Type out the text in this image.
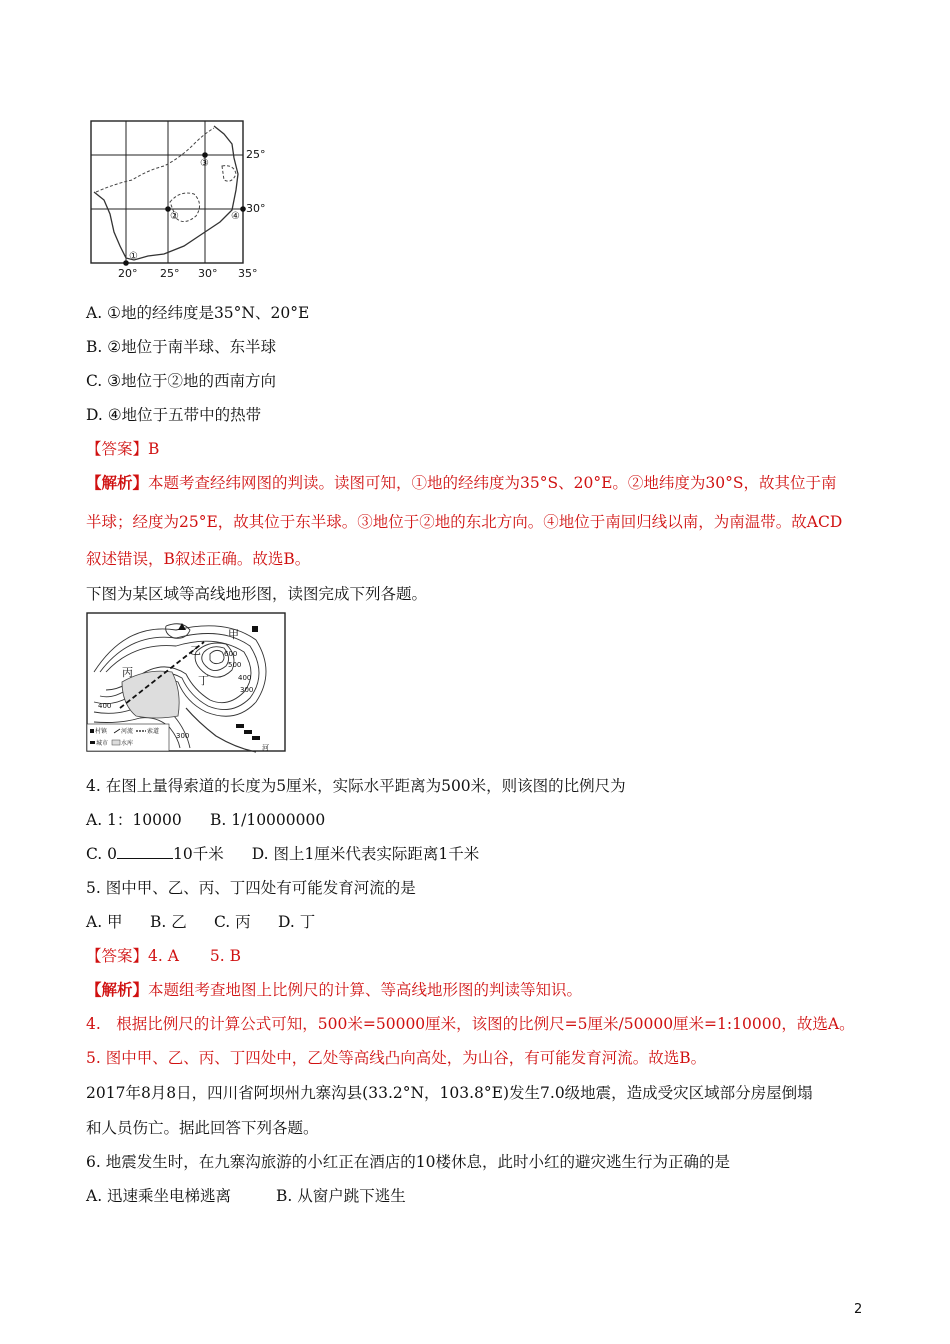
①
②
③
④
25°
30°
20° 25° 30° 35°
A. ①地的经纬度是35°N、20°E
B. ②地位于南半球、东半球
C. ③地位于②地的西南方向
D. ④地位于五带中的热带
【答案】B
【解析】本题考查经纬网图的判读。读图可知，①地的经纬度为35°S、20°E。②地纬度为30°S，故其位于南
半球；经度为25°E，故其位于东半球。③地位于②地的东北方向。④地位于南回归线以南，为南温带。故ACD
叙述错误，B叙述正确。故选B。
下图为某区域等高线地形图，读图完成下列各题。
甲
乙
丙
丁
600
500
400
300
400
300
河
村镇 河流 索道
城市 水库
4. 在图上量得索道的长度为5厘米，实际水平距离为500米，则该图的比例尺为
A. 1：10000 B. 1/10000000
C. 0	10千米 D. 图上1厘米代表实际距离1千米
5. 图中甲、乙、丙、丁四处有可能发育河流的是
A. 甲 B. 乙 C. 丙 D. 丁
【答案】4. A　　5. B
【解析】本题组考查地图上比例尺的计算、等高线地形图的判读等知识。
4.　根据比例尺的计算公式可知，500米=50000厘米，该图的比例尺=5厘米/50000厘米=1:10000，故选A。
5. 图中甲、乙、丙、丁四处中，乙处等高线凸向高处，为山谷，有可能发育河流。故选B。
2017年8月8日，四川省阿坝州九寨沟县(33.2°N，103.8°E)发生7.0级地震，造成受灾区域部分房屋倒塌
和人员伤亡。据此回答下列各题。
6. 地震发生时，在九寨沟旅游的小红正在酒店的10楼休息，此时小红的避灾逃生行为正确的是
A. 迅速乘坐电梯逃离	B. 从窗户跳下逃生
2
